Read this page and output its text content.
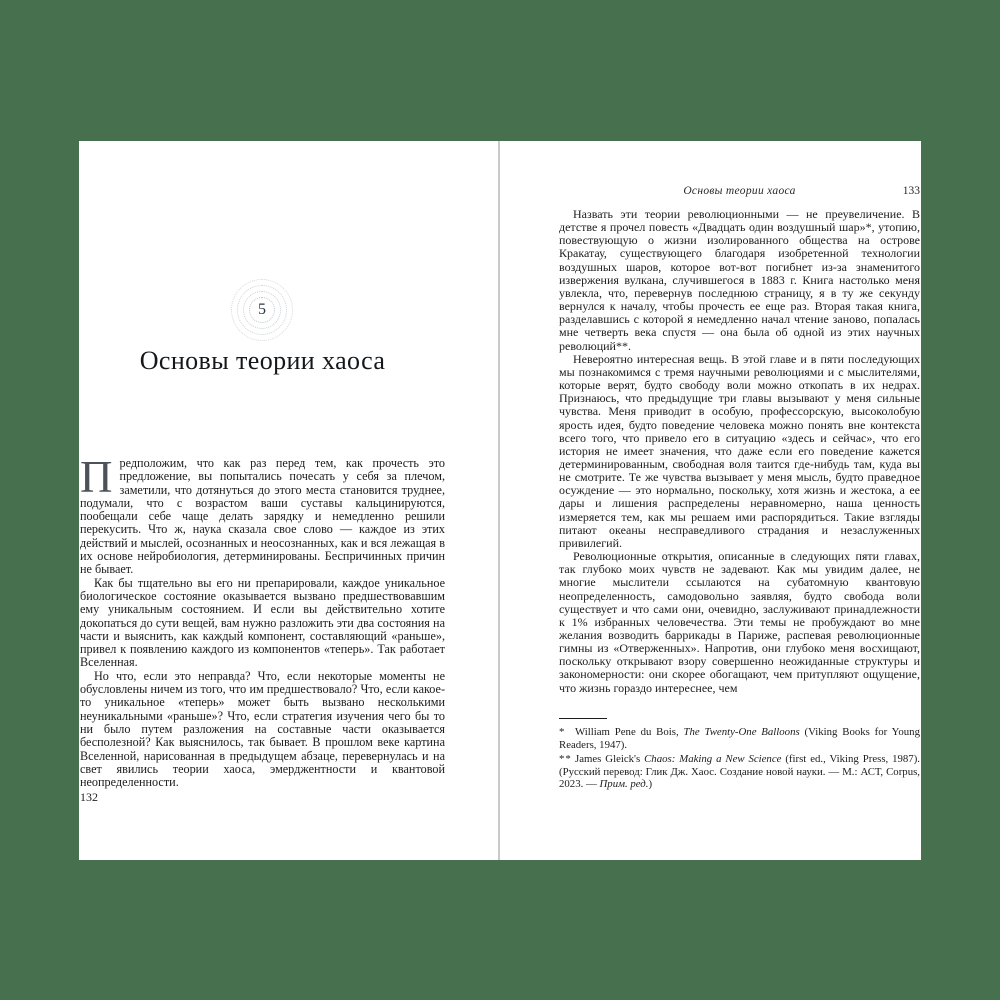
5
Основы теории хаоса

Предположим, что как раз перед тем, как прочесть это предложение, вы попытались почесать у себя за плечом, заметили, что дотянуться до этого места становится труднее, подумали, что с возрастом ваши суставы кальцинируются, пообещали себе чаще делать зарядку и немедленно решили перекусить. Что ж, наука сказала свое слово — каждое из этих действий и мыслей, осознанных и неосознанных, как и вся лежащая в их основе нейробиология, детерминированы. Беспричинных причин не бывает.

Как бы тщательно вы его ни препарировали, каждое уникальное биологическое состояние оказывается вызвано предшествовавшим ему уникальным состоянием. И если вы действительно хотите докопаться до сути вещей, вам нужно разложить эти два состояния на части и выяснить, как каждый компонент, составляющий «раньше», привел к появлению каждого из компонентов «теперь». Так работает Вселенная.

Но что, если это неправда? Что, если некоторые моменты не обусловлены ничем из того, что им предшествовало? Что, если какое-то уникальное «теперь» может быть вызвано несколькими неуникальными «раньше»? Что, если стратегия изучения чего бы то ни было путем разложения на составные части оказывается бесполезной? Как выяснилось, так бывает. В прошлом веке картина Вселенной, нарисованная в предыдущем абзаце, перевернулась и на свет явились теории хаоса, эмерджентности и квантовой неопределенности.

132
Основы теории хаоса	133

Назвать эти теории революционными — не преувеличение. В детстве я прочел повесть «Двадцать один воздушный шар»*, утопию, повествующую о жизни изолированного общества на острове Кракатау, существующего благодаря изобретенной технологии воздушных шаров, которое вот-вот погибнет из-за знаменитого извержения вулкана, случившегося в 1883 г. Книга настолько меня увлекла, что, перевернув последнюю страницу, я в ту же секунду вернулся к началу, чтобы прочесть ее еще раз. Вторая такая книга, разделавшись с которой я немедленно начал чтение заново, попалась мне четверть века спустя — она была об одной из этих научных революций**.

Невероятно интересная вещь. В этой главе и в пяти последующих мы познакомимся с тремя научными революциями и с мыслителями, которые верят, будто свободу воли можно откопать в их недрах. Признаюсь, что предыдущие три главы вызывают у меня сильные чувства. Меня приводит в особую, профессорскую, высоколобую ярость идея, будто поведение человека можно понять вне контекста всего того, что привело его в ситуацию «здесь и сейчас», что его история не имеет значения, что даже если его поведение кажется детерминированным, свободная воля таится где-нибудь там, куда вы не смотрите. Те же чувства вызывает у меня мысль, будто праведное осуждение — это нормально, поскольку, хотя жизнь и жестока, а ее дары и лишения распределены неравномерно, наша ценность измеряется тем, как мы решаем ими распорядиться. Такие взгляды питают океаны несправедливого страдания и незаслуженных привилегий.

Революционные открытия, описанные в следующих пяти главах, так глубоко моих чувств не задевают. Как мы увидим далее, не многие мыслители ссылаются на субатомную квантовую неопределенность, самодовольно заявляя, будто свобода воли существует и что сами они, очевидно, заслуживают принадлежности к 1% избранных человечества. Эти темы не пробуждают во мне желания возводить баррикады в Париже, распевая революционные гимны из «Отверженных». Напротив, они глубоко меня восхищают, поскольку открывают взору совершенно неожиданные структуры и закономерности: они скорее обогащают, чем притупляют ощущение, что жизнь гораздо интереснее, чем

* William Pene du Bois, The Twenty-One Balloons (Viking Books for Young Readers, 1947).

** James Gleick's Chaos: Making a New Science (first ed., Viking Press, 1987). (Русский перевод: Глик Дж. Хаос. Создание новой науки. — М.: АСТ, Corpus, 2023. — Прим. ред.)
